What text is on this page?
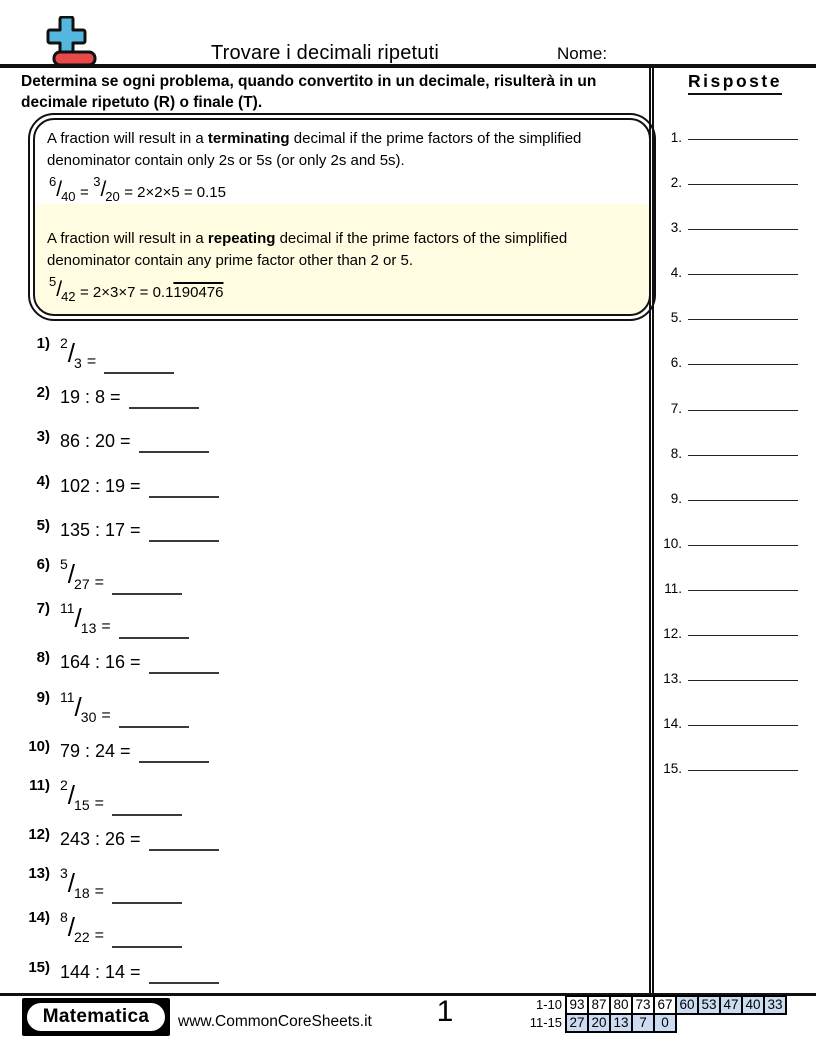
Trovare i decimali ripetuti	Nome:
Determina se ogni problema, quando convertito in un decimale, risulterà in un decimale ripetuto (R) o finale (T).

A fraction will result in a terminating decimal if the prime factors of the simplified denominator contain only 2s or 5s (or only 2s and 5s).

$^6/_{40} = ^3/_{20} = 2\times 2\times 5 = 0.15$

A fraction will result in a repeating decimal if the prime factors of the simplified denominator contain any prime factor other than 2 or 5.

$^5/_{42} = 2\times 3\times 7 = 0.1190476$
1) 2/3 =
2) 19 : 8 =
3) 86 : 20 =
4) 102 : 19 =
5) 135 : 17 =
6) 5/27 =
7) 11/13 =
8) 164 : 16 =
9) 11/30 =
10) 79 : 24 =
11) 2/15 =
12) 243 : 26 =
13) 3/18 =
14) 8/22 =
15) 144 : 14 =
Risposte
1.
2.
3.
4.
5.
6.
7.
8.
9.
10.
11.
12.
13.
14.
15.
Matematica	www.CommonCoreSheets.it	1	1-10 93 87 80 73 67 60 53 47 40 33
11-15 27 20 13 7	0
